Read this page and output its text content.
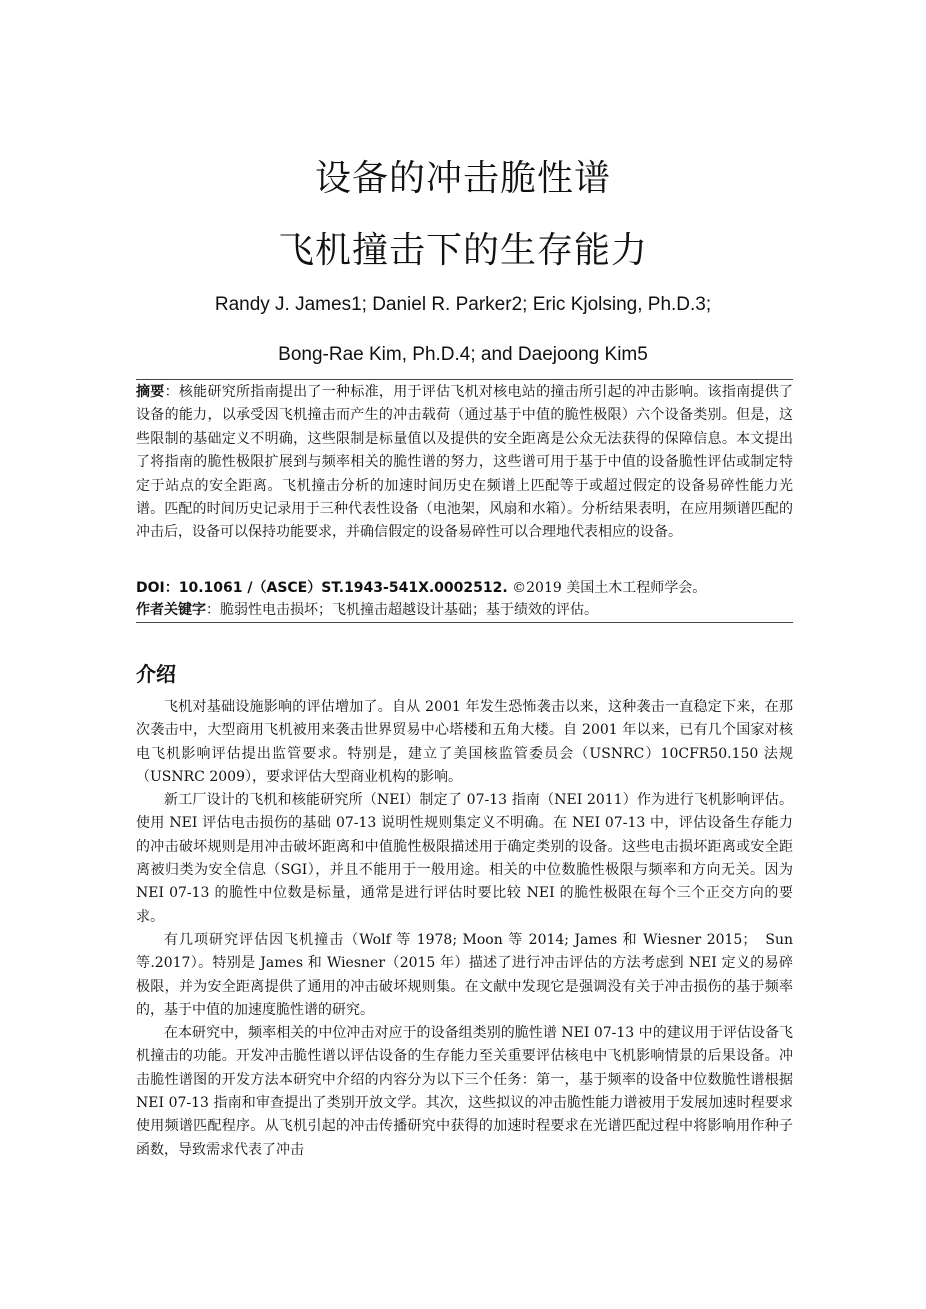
设备的冲击脆性谱
飞机撞击下的生存能力
Randy J. James1; Daniel R. Parker2; Eric Kjolsing, Ph.D.3;
Bong-Rae Kim, Ph.D.4; and Daejoong Kim5
摘要：核能研究所指南提出了一种标准，用于评估飞机对核电站的撞击所引起的冲击影响。该指南提供了设备的能力，以承受因飞机撞击而产生的冲击载荷（通过基于中值的脆性极限）六个设备类别。但是，这些限制的基础定义不明确，这些限制是标量值以及提供的安全距离是公众无法获得的保障信息。本文提出了将指南的脆性极限扩展到与频率相关的脆性谱的努力，这些谱可用于基于中值的设备脆性评估或制定特定于站点的安全距离。飞机撞击分析的加速时间历史在频谱上匹配等于或超过假定的设备易碎性能力光谱。匹配的时间历史记录用于三种代表性设备（电池架，风扇和水箱）。分析结果表明，在应用频谱匹配的冲击后，设备可以保持功能要求，并确信假定的设备易碎性可以合理地代表相应的设备。
DOI：10.1061 /（ASCE）ST.1943-541X.0002512. ©2019 美国土木工程师学会。
作者关键字：脆弱性电击损坏；飞机撞击超越设计基础；基于绩效的评估。
介绍

飞机对基础设施影响的评估增加了。自从 2001 年发生恐怖袭击以来，这种袭击一直稳定下来，在那次袭击中，大型商用飞机被用来袭击世界贸易中心塔楼和五角大楼。自 2001 年以来，已有几个国家对核电飞机影响评估提出监管要求。特别是，建立了美国核监管委员会（USNRC）10CFR50.150 法规（USNRC 2009），要求评估大型商业机构的影响。

新工厂设计的飞机和核能研究所（NEI）制定了 07-13 指南（NEI 2011）作为进行飞机影响评估。使用 NEI 评估电击损伤的基础 07-13 说明性规则集定义不明确。在 NEI 07-13 中，评估设备生存能力的冲击破坏规则是用冲击破坏距离和中值脆性极限描述用于确定类别的设备。这些电击损坏距离或安全距离被归类为安全信息（SGI），并且不能用于一般用途。相关的中位数脆性极限与频率和方向无关。因为 NEI 07-13 的脆性中位数是标量，通常是进行评估时要比较 NEI 的脆性极限在每个三个正交方向的要求。

有几项研究评估因飞机撞击（Wolf 等 1978; Moon 等 2014; James 和 Wiesner 2015；　Sun 等.2017）。特别是 James 和 Wiesner（2015 年）描述了进行冲击评估的方法考虑到 NEI 定义的易碎极限，并为安全距离提供了通用的冲击破坏规则集。在文献中发现它是强调没有关于冲击损伤的基于频率的，基于中值的加速度脆性谱的研究。

在本研究中，频率相关的中位冲击对应于的设备组类别的脆性谱 NEI 07-13 中的建议用于评估设备飞机撞击的功能。开发冲击脆性谱以评估设备的生存能力至关重要评估核电中飞机影响情景的后果设备。冲击脆性谱图的开发方法本研究中介绍的内容分为以下三个任务：第一，基于频率的设备中位数脆性谱根据 NEI 07-13 指南和审查提出了类别开放文学。其次，这些拟议的冲击脆性能力谱被用于发展加速时程要求使用频谱匹配程序。从飞机引起的冲击传播研究中获得的加速时程要求在光谱匹配过程中将影响用作种子函数，导致需求代表了冲击
